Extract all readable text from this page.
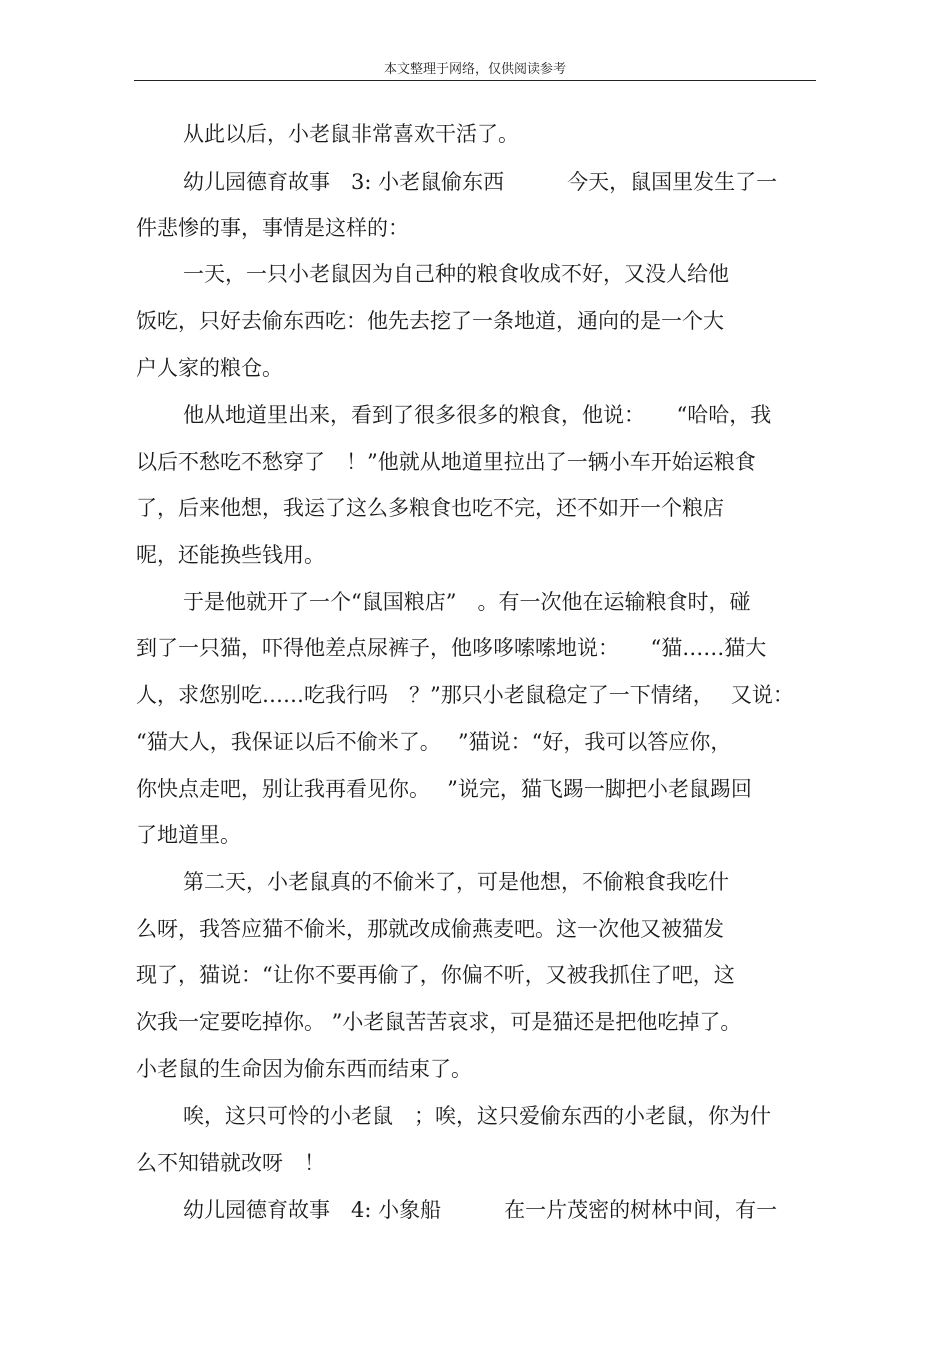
本文整理于网络，仅供阅读参考
从此以后，小老鼠非常喜欢干活了。
幼儿园德育故事　3: 小老鼠偷东西　　　今天，鼠国里发生了一
件悲惨的事，事情是这样的：
一天，一只小老鼠因为自己种的粮食收成不好，又没人给他
饭吃，只好去偷东西吃：他先去挖了一条地道，通向的是一个大
户人家的粮仓。
他从地道里出来，看到了很多很多的粮食，他说：　　“哈哈，我
以后不愁吃不愁穿了　！”他就从地道里拉出了一辆小车开始运粮食
了，后来他想，我运了这么多粮食也吃不完，还不如开一个粮店
呢，还能换些钱用。
于是他就开了一个“鼠国粮店”　。有一次他在运输粮食时，碰
到了一只猫，吓得他差点尿裤子，他哆哆嗦嗦地说：　　“猫……猫大
人，求您别吃……吃我行吗　？”那只小老鼠稳定了一下情绪，　 又说：
“猫大人，我保证以后不偷米了。　 ”猫说：“好，我可以答应你，
你快点走吧，别让我再看见你。　 ”说完，猫飞踢一脚把小老鼠踢回
了地道里。
第二天，小老鼠真的不偷米了，可是他想，不偷粮食我吃什
么呀，我答应猫不偷米，那就改成偷燕麦吧。这一次他又被猫发
现了，猫说：“让你不要再偷了，你偏不听，又被我抓住了吧，这
次我一定要吃掉你。 ”小老鼠苦苦哀求，可是猫还是把他吃掉了。
小老鼠的生命因为偷东西而结束了。
唉，这只可怜的小老鼠　；唉，这只爱偷东西的小老鼠，你为什
么不知错就改呀　！
幼儿园德育故事　4: 小象船　　　在一片茂密的树林中间，有一
